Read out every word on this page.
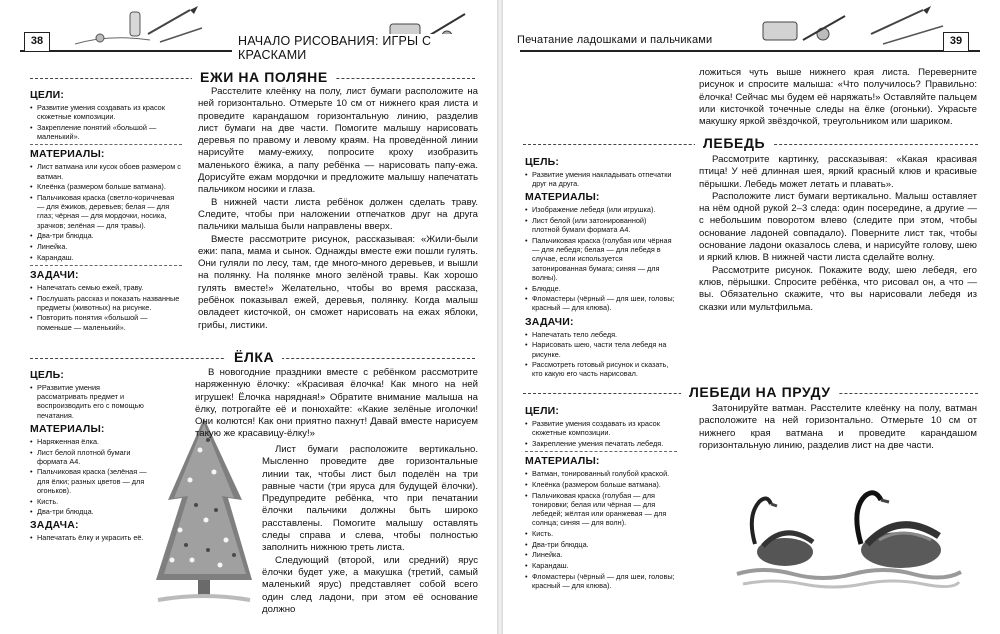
38	НАЧАЛО РИСОВАНИЯ: ИГРЫ С КРАСКАМИ
ЕЖИ НА ПОЛЯНЕ
ЦЕЛИ:
• Развитие умения создавать из красок сюжетные композиции.
• Закрепление понятий «большой — маленький».
МАТЕРИАЛЫ:
• Лист ватмана или кусок обоев размером с ватман.
• Клеёнка (размером больше ватмана).
• Пальчиковая краска (светло-коричневая — для ёжиков, деревьев; белая — для глаз; чёрная — для мордочки, носика, зрачков; зелёная — для травы).
• Два-три блюдца.
• Линейка.
• Карандаш.
ЗАДАЧИ:
• Напечатать семью ежей, траву.
• Послушать рассказ и показать названные предметы (животных) на рисунке.
• Повторить понятия «большой — поменьше — маленький».

Расстелите клеёнку на полу, лист бумаги расположите на ней горизонтально. Отмерьте 10 см от нижнего края листа и проведите карандашом горизонтальную линию, разделив лист бумаги на две части. Помогите малышу нарисовать деревья по правому и левому краям. На проведённой линии нарисуйте маму-ежиху, попросите кроху изобразить маленького ёжика, а папу ребёнка — нарисовать папу-ежа. Дорисуйте ежам мордочки и предложите малышу напечатать пальчиком носики и глаза.

В нижней части листа ребёнок должен сделать траву. Следите, чтобы при наложении отпечатков друг на друга пальчики малыша были направлены вверх.

Вместе рассмотрите рисунок, рассказывая: «Жили-были ежи: папа, мама и сынок. Однажды вместе ежи пошли гулять. Они гуляли по лесу, там, где много-много деревьев, и вышли на полянку. На полянке много зелёной травы. Как хорошо гулять вместе!» Желательно, чтобы во время рассказа, ребёнок показывал ежей, деревья, полянку. Когда малыш овладеет кисточкой, он сможет нарисовать на ежах яблоки, грибы, листики.

ЁЛКА
ЦЕЛЬ:
• РРазвитие умения рассматривать предмет и воспроизводить его с помощью печатания.
МАТЕРИАЛЫ:
• Наряженная ёлка.
• Лист белой плотной бумаги формата А4.
• Пальчиковая краска (зелёная — для ёлки; разных цветов — для огоньков).
• Кисть.
• Два-три блюдца.
ЗАДАЧА:
• Напечатать ёлку и украсить её.

В новогодние праздники вместе с ребёнком рассмотрите наряженную ёлочку: «Красивая ёлочка! Как много на ней игрушек! Ёлочка нарядная!» Обратите внимание малыша на ёлку, потрогайте её и понюхайте: «Какие зелёные иголочки! Они колются! Как они приятно пахнут! Давай вместе нарисуем такую же красавицу-ёлку!»

Лист бумаги расположите вертикально. Мысленно проведите две горизонтальные линии так, чтобы лист был поделён на три равные части (три яруса для будущей ёлочки). Предупредите ребёнка, что при печатании ёлочки пальчики должны быть широко расставлены. Помогите малышу оставлять следы справа и слева, чтобы полностью заполнить нижнюю треть листа.

Следующий (второй, или средний) ярус ёлочки будет уже, а макушка (третий, самый маленький ярус) представляет собой всего один след ладони, при этом её основание должно

Печатание ладошками и пальчиками	39

ложиться чуть выше нижнего края листа. Переверните рисунок и спросите малыша: «Что получилось? Правильно: ёлочка! Сейчас мы будем её наряжать!» Оставляйте пальцем или кисточкой точечные следы на ёлке (огоньки). Украсьте макушку яркой звёздочкой, треугольником или шариком.

ЛЕБЕДЬ
ЦЕЛЬ:
• Развитие умения накладывать отпечатки друг на друга.
МАТЕРИАЛЫ:
• Изображение лебедя (или игрушка).
• Лист белой (или затонированной) плотной бумаги формата А4.
• Пальчиковая краска (голубая или чёрная — для лебедя; белая — для лебедя в случае, если используется затонированная бумага; синяя — для волны).
• Блюдце.
• Фломастеры (чёрный — для шеи, головы; красный — для клюва).
ЗАДАЧИ:
• Напечатать тело лебедя.
• Нарисовать шею, части тела лебедя на рисунке.
• Рассмотреть готовый рисунок и сказать, кто какую его часть нарисовал.

Рассмотрите картинку, рассказывая: «Какая красивая птица! У неё длинная шея, яркий красный клюв и красивые пёрышки. Лебедь может летать и плавать».

Расположите лист бумаги вертикально. Малыш оставляет на нём одной рукой 2–3 следа: один посередине, а другие — с небольшим поворотом влево (следите при этом, чтобы основание ладоней совпадало). Поверните лист так, чтобы основание ладони оказалось слева, и нарисуйте голову, шею и яркий клюв. В нижней части листа сделайте волну.

Рассмотрите рисунок. Покажите воду, шею лебедя, его клюв, пёрышки. Спросите ребёнка, что рисовал он, а что — вы. Обязательно скажите, что вы нарисовали лебедя из сказки или мультфильма.

ЛЕБЕДИ НА ПРУДУ
ЦЕЛИ:
• Развитие умения создавать из красок сюжетные композиции.
• Закрепление умения печатать лебедя.
МАТЕРИАЛЫ:
• Ватман, тонированный голубой краской.
• Клеёнка (размером больше ватмана).
• Пальчиковая краска (голубая — для тонировки; белая или чёрная — для лебедей; жёлтая или оранжевая — для солнца; синяя — для волн).
• Кисть.
• Два-три блюдца.
• Линейка.
• Карандаш.
• Фломастеры (чёрный — для шеи, головы; красный — для клюва).

Затонируйте ватман. Расстелите клеёнку на полу, ватман расположите на ней горизонтально. Отмерьте 10 см от нижнего края ватмана и проведите карандашом горизонтальную линию, разделив лист на две части.
